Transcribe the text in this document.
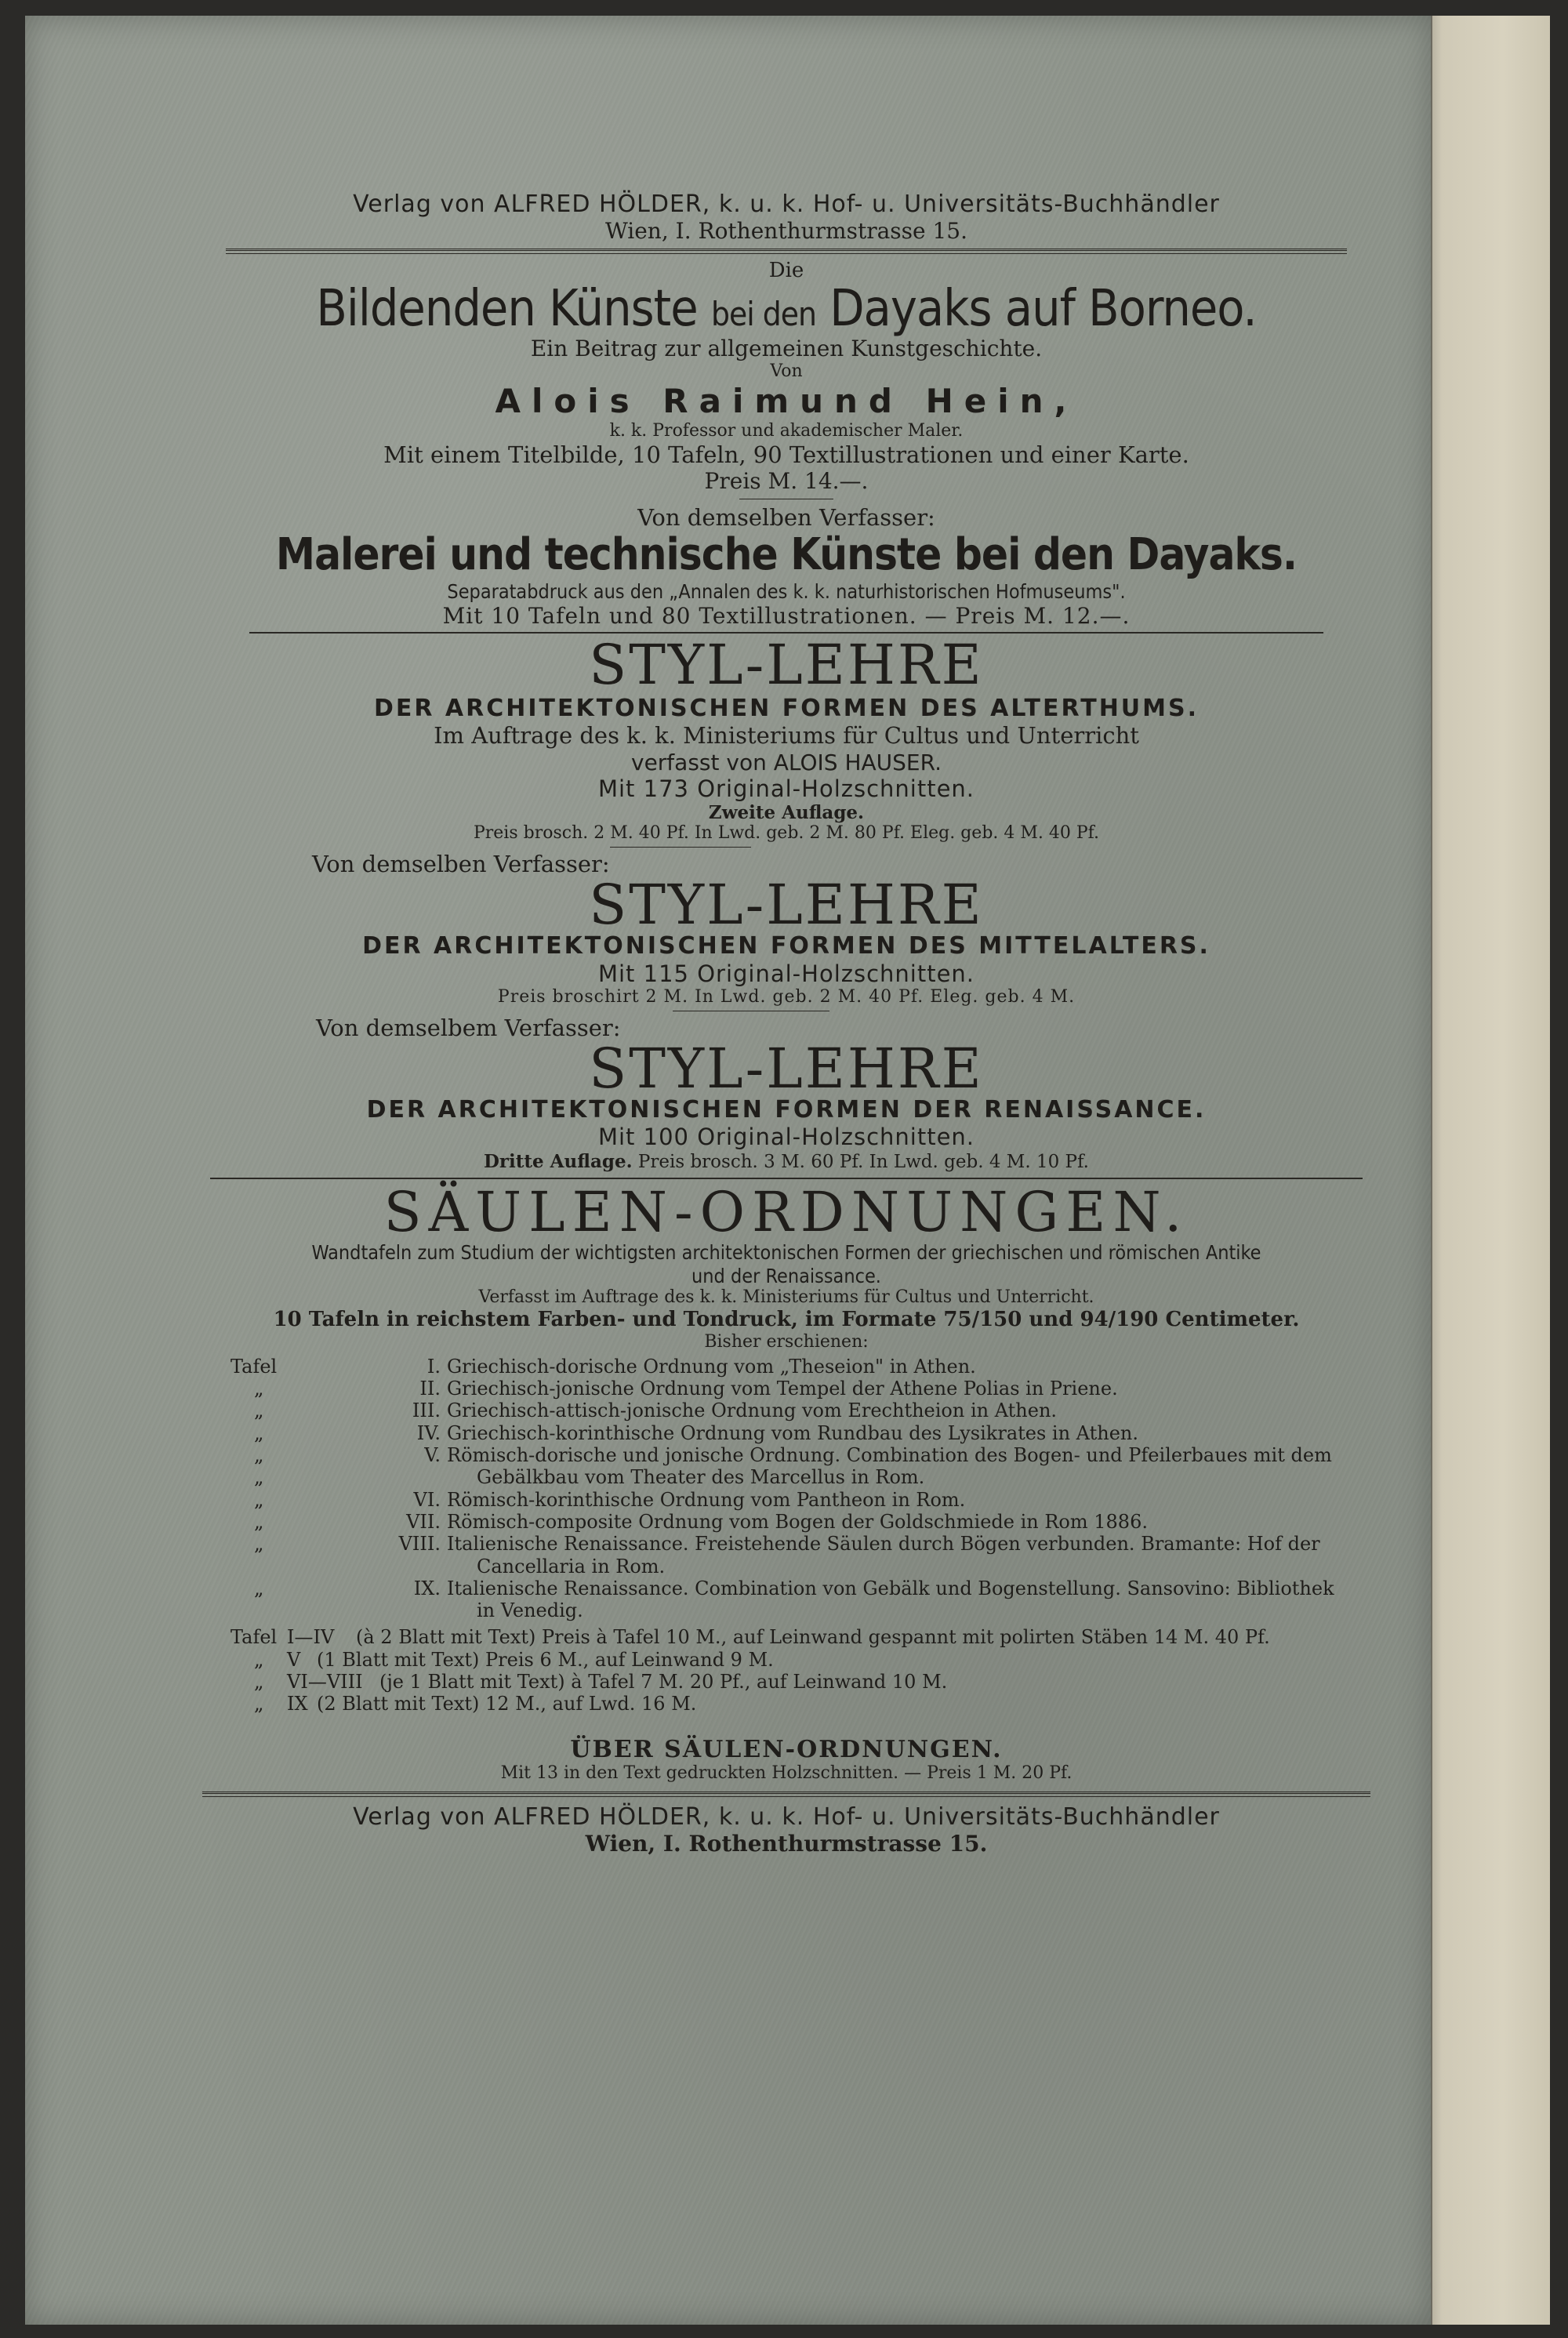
Verlag von ALFRED HÖLDER, k. u. k. Hof- u. Universitäts-Buchhändler
Wien, I. Rothenthurmstrasse 15.
Die
Bildenden Künste bei den Dayaks auf Borneo.
Ein Beitrag zur allgemeinen Kunstgeschichte.
Von
Alois Raimund Hein,
k. k. Professor und akademischer Maler.
Mit einem Titelbilde, 10 Tafeln, 90 Textillustrationen und einer Karte.
Preis M. 14.—.
Von demselben Verfasser:
Malerei und technische Künste bei den Dayaks.
Separatabdruck aus den „Annalen des k. k. naturhistorischen Hofmuseums".
Mit 10 Tafeln und 80 Textillustrationen. — Preis M. 12.—.
STYL-LEHRE
DER ARCHITEKTONISCHEN FORMEN DES ALTERTHUMS.
Im Auftrage des k. k. Ministeriums für Cultus und Unterricht
verfasst von ALOIS HAUSER.
Mit 173 Original-Holzschnitten.
Zweite Auflage.
Preis brosch. 2 M. 40 Pf. In Lwd. geb. 2 M. 80 Pf. Eleg. geb. 4 M. 40 Pf.
Von demselben Verfasser:
STYL-LEHRE
DER ARCHITEKTONISCHEN FORMEN DES MITTELALTERS.
Mit 115 Original-Holzschnitten.
Preis broschirt 2 M. In Lwd. geb. 2 M. 40 Pf. Eleg. geb. 4 M.
Von demselbem Verfasser:
STYL-LEHRE
DER ARCHITEKTONISCHEN FORMEN DER RENAISSANCE.
Mit 100 Original-Holzschnitten.
Dritte Auflage. Preis brosch. 3 M. 60 Pf. In Lwd. geb. 4 M. 10 Pf.
SÄULEN-ORDNUNGEN.
Wandtafeln zum Studium der wichtigsten architektonischen Formen der griechischen und römischen Antike
und der Renaissance.
Verfasst im Auftrage des k. k. Ministeriums für Cultus und Unterricht.
10 Tafeln in reichstem Farben- und Tondruck, im Formate 75/150 und 94/190 Centimeter.
Bisher erschienen:
Tafel	I. Griechisch-dorische Ordnung vom „Theseion" in Athen.
„	II. Griechisch-jonische Ordnung vom Tempel der Athene Polias in Priene.
„	III. Griechisch-attisch-jonische Ordnung vom Erechtheion in Athen.
„	IV. Griechisch-korinthische Ordnung vom Rundbau des Lysikrates in Athen.
„	V. Römisch-dorische und jonische Ordnung. Combination des Bogen- und Pfeilerbaues mit dem
„	Gebälkbau vom Theater des Marcellus in Rom.
„	VI. Römisch-korinthische Ordnung vom Pantheon in Rom.
„	VII. Römisch-composite Ordnung vom Bogen der Goldschmiede in Rom 1886.
„	VIII. Italienische Renaissance. Freistehende Säulen durch Bögen verbunden. Bramante: Hof der
Cancellaria in Rom.
„	IX. Italienische Renaissance. Combination von Gebälk und Bogenstellung. Sansovino: Bibliothek
in Venedig.
Tafel I—IV	(à 2 Blatt mit Text) Preis à Tafel 10 M., auf Leinwand gespannt mit polirten Stäben 14 M. 40 Pf.
„	V (1 Blatt mit Text) Preis 6 M., auf Leinwand 9 M.
„	VI—VIII (je 1 Blatt mit Text) à Tafel 7 M. 20 Pf., auf Leinwand 10 M.
„	IX (2 Blatt mit Text) 12 M., auf Lwd. 16 M.
ÜBER SÄULEN-ORDNUNGEN.
Mit 13 in den Text gedruckten Holzschnitten. — Preis 1 M. 20 Pf.
Verlag von ALFRED HÖLDER, k. u. k. Hof- u. Universitäts-Buchhändler
Wien, I. Rothenthurmstrasse 15.
